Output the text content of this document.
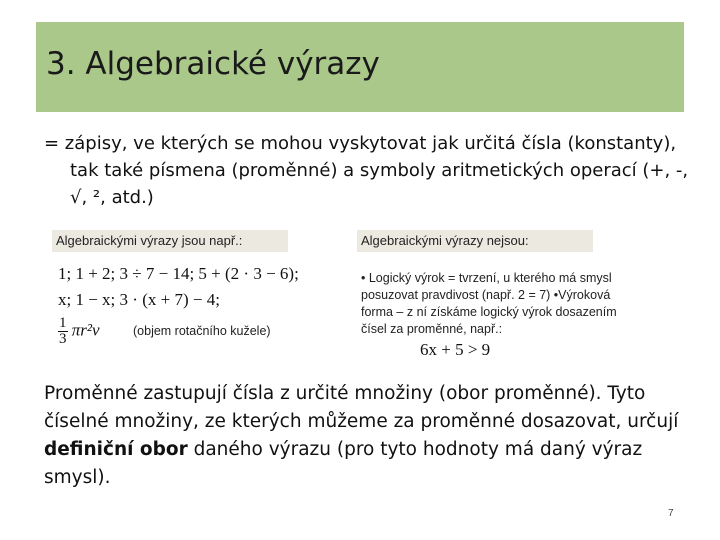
3. Algebraické výrazy
= zápisy, ve kterých se mohou vyskytovat jak určitá čísla (konstanty), tak také písmena (proměnné) a symboly aritmetických operací (+, -, √, ², atd.)
Algebraickými výrazy jsou např.:	Algebraickými výrazy nejsou:
1; 1 + 2; 3 ÷ 7 − 14; 5 + (2 · 3 − 6);
x; 1 − x; 3 · (x + 7) − 4;
$\frac{1}{3} \pi r^2v$	(objem rotačního kužele)
• Logický výrok = tvrzení, u kterého má smysl posuzovat pravdivost (např. 2 = 7) •Výroková forma – z ní získáme logický výrok dosazením čísel za proměnné, např.:
6x + 5 > 9
Proměnné zastupují čísla z určité množiny (obor proměnné). Tyto číselné množiny, ze kterých můžeme za proměnné dosazovat, určují definiční obor daného výrazu (pro tyto hodnoty má daný výraz smysl).
7
